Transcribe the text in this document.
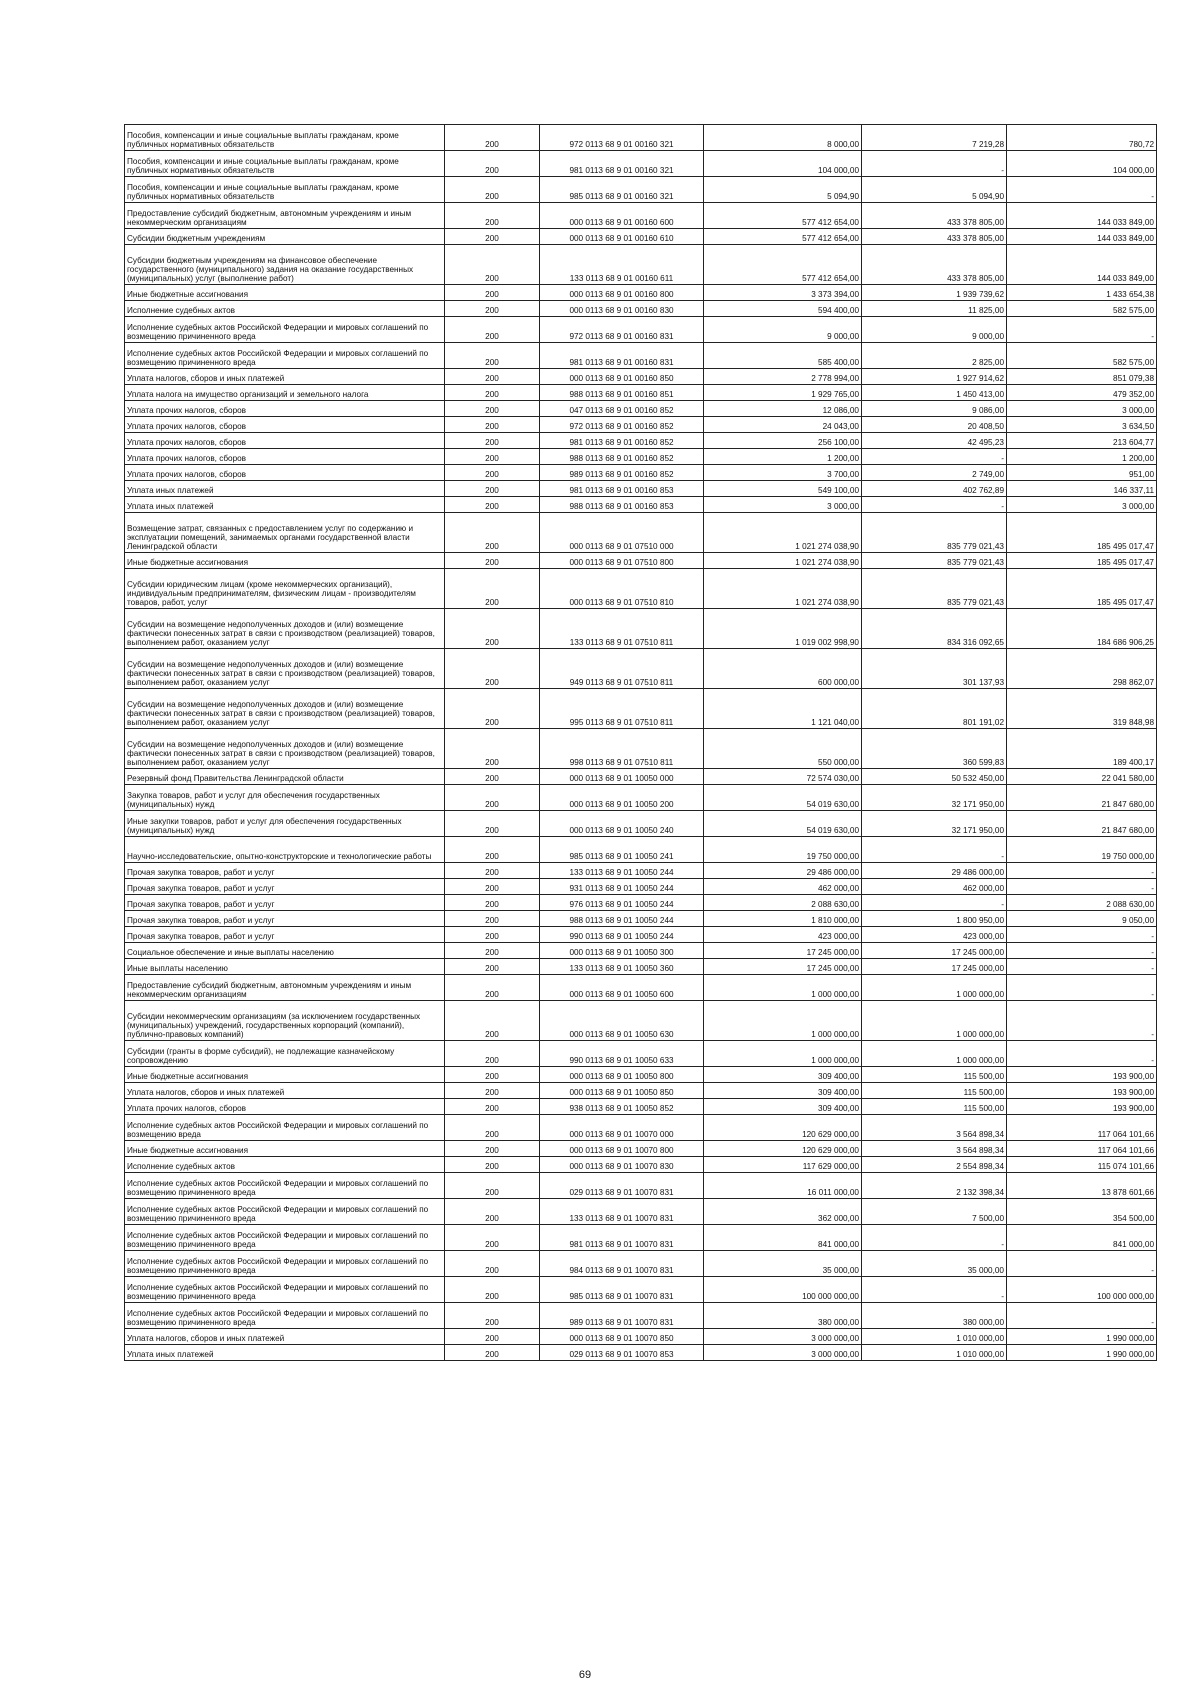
Пособия, компенсации и иные социальные выплаты гражданам, кроме публичных нормативных обязательств	200	972 0113 68 9 01 00160 321	8 000,00	7 219,28	780,72
Пособия, компенсации и иные социальные выплаты гражданам, кроме публичных нормативных обязательств	200	981 0113 68 9 01 00160 321	104 000,00	-	104 000,00
Пособия, компенсации и иные социальные выплаты гражданам, кроме публичных нормативных обязательств	200	985 0113 68 9 01 00160 321	5 094,90	5 094,90	-
Предоставление субсидий бюджетным, автономным учреждениям и иным некоммерческим организациям	200	000 0113 68 9 01 00160 600	577 412 654,00	433 378 805,00	144 033 849,00
Субсидии бюджетным учреждениям	200	000 0113 68 9 01 00160 610	577 412 654,00	433 378 805,00	144 033 849,00
Субсидии бюджетным учреждениям на финансовое обеспечение государственного (муниципального) задания на оказание государственных (муниципальных) услуг (выполнение работ)	200	133 0113 68 9 01 00160 611	577 412 654,00	433 378 805,00	144 033 849,00
Иные бюджетные ассигнования	200	000 0113 68 9 01 00160 800	3 373 394,00	1 939 739,62	1 433 654,38
Исполнение судебных актов	200	000 0113 68 9 01 00160 830	594 400,00	11 825,00	582 575,00
Исполнение судебных актов Российской Федерации и мировых соглашений по возмещению причиненного вреда	200	972 0113 68 9 01 00160 831	9 000,00	9 000,00	-
Исполнение судебных актов Российской Федерации и мировых соглашений по возмещению причиненного вреда	200	981 0113 68 9 01 00160 831	585 400,00	2 825,00	582 575,00
Уплата налогов, сборов и иных платежей	200	000 0113 68 9 01 00160 850	2 778 994,00	1 927 914,62	851 079,38
Уплата налога на имущество организаций и земельного налога	200	988 0113 68 9 01 00160 851	1 929 765,00	1 450 413,00	479 352,00
Уплата прочих налогов, сборов	200	047 0113 68 9 01 00160 852	12 086,00	9 086,00	3 000,00
Уплата прочих налогов, сборов	200	972 0113 68 9 01 00160 852	24 043,00	20 408,50	3 634,50
Уплата прочих налогов, сборов	200	981 0113 68 9 01 00160 852	256 100,00	42 495,23	213 604,77
Уплата прочих налогов, сборов	200	988 0113 68 9 01 00160 852	1 200,00	-	1 200,00
Уплата прочих налогов, сборов	200	989 0113 68 9 01 00160 852	3 700,00	2 749,00	951,00
Уплата иных платежей	200	981 0113 68 9 01 00160 853	549 100,00	402 762,89	146 337,11
Уплата иных платежей	200	988 0113 68 9 01 00160 853	3 000,00	-	3 000,00
Возмещение затрат, связанных с предоставлением услуг по содержанию и эксплуатации помещений, занимаемых органами государственной власти Ленинградской области	200	000 0113 68 9 01 07510 000	1 021 274 038,90	835 779 021,43	185 495 017,47
Иные бюджетные ассигнования	200	000 0113 68 9 01 07510 800	1 021 274 038,90	835 779 021,43	185 495 017,47
Субсидии юридическим лицам (кроме некоммерческих организаций), индивидуальным предпринимателям, физическим лицам - производителям товаров, работ, услуг	200	000 0113 68 9 01 07510 810	1 021 274 038,90	835 779 021,43	185 495 017,47
Субсидии на возмещение недополученных доходов и (или) возмещение фактически понесенных затрат в связи с производством (реализацией) товаров, выполнением работ, оказанием услуг	200	133 0113 68 9 01 07510 811	1 019 002 998,90	834 316 092,65	184 686 906,25
Субсидии на возмещение недополученных доходов и (или) возмещение фактически понесенных затрат в связи с производством (реализацией) товаров, выполнением работ, оказанием услуг	200	949 0113 68 9 01 07510 811	600 000,00	301 137,93	298 862,07
Субсидии на возмещение недополученных доходов и (или) возмещение фактически понесенных затрат в связи с производством (реализацией) товаров, выполнением работ, оказанием услуг	200	995 0113 68 9 01 07510 811	1 121 040,00	801 191,02	319 848,98
Субсидии на возмещение недополученных доходов и (или) возмещение фактически понесенных затрат в связи с производством (реализацией) товаров, выполнением работ, оказанием услуг	200	998 0113 68 9 01 07510 811	550 000,00	360 599,83	189 400,17
Резервный фонд Правительства Ленинградской области	200	000 0113 68 9 01 10050 000	72 574 030,00	50 532 450,00	22 041 580,00
Закупка товаров, работ и услуг для обеспечения государственных (муниципальных) нужд	200	000 0113 68 9 01 10050 200	54 019 630,00	32 171 950,00	21 847 680,00
Иные закупки товаров, работ и услуг для обеспечения государственных (муниципальных) нужд	200	000 0113 68 9 01 10050 240	54 019 630,00	32 171 950,00	21 847 680,00
Научно-исследовательские, опытно-конструкторские и технологические работы	200	985 0113 68 9 01 10050 241	19 750 000,00	-	19 750 000,00
Прочая закупка товаров, работ и услуг	200	133 0113 68 9 01 10050 244	29 486 000,00	29 486 000,00	-
Прочая закупка товаров, работ и услуг	200	931 0113 68 9 01 10050 244	462 000,00	462 000,00	-
Прочая закупка товаров, работ и услуг	200	976 0113 68 9 01 10050 244	2 088 630,00	-	2 088 630,00
Прочая закупка товаров, работ и услуг	200	988 0113 68 9 01 10050 244	1 810 000,00	1 800 950,00	9 050,00
Прочая закупка товаров, работ и услуг	200	990 0113 68 9 01 10050 244	423 000,00	423 000,00	-
Социальное обеспечение и иные выплаты населению	200	000 0113 68 9 01 10050 300	17 245 000,00	17 245 000,00	-
Иные выплаты населению	200	133 0113 68 9 01 10050 360	17 245 000,00	17 245 000,00	-
Предоставление субсидий бюджетным, автономным учреждениям и иным некоммерческим организациям	200	000 0113 68 9 01 10050 600	1 000 000,00	1 000 000,00	-
Субсидии некоммерческим организациям (за исключением государственных (муниципальных) учреждений, государственных корпораций (компаний), публично-правовых компаний)	200	000 0113 68 9 01 10050 630	1 000 000,00	1 000 000,00	-
Субсидии (гранты в форме субсидий), не подлежащие казначейскому сопровождению	200	990 0113 68 9 01 10050 633	1 000 000,00	1 000 000,00	-
Иные бюджетные ассигнования	200	000 0113 68 9 01 10050 800	309 400,00	115 500,00	193 900,00
Уплата налогов, сборов и иных платежей	200	000 0113 68 9 01 10050 850	309 400,00	115 500,00	193 900,00
Уплата прочих налогов, сборов	200	938 0113 68 9 01 10050 852	309 400,00	115 500,00	193 900,00
Исполнение судебных актов Российской Федерации и мировых соглашений по возмещению вреда	200	000 0113 68 9 01 10070 000	120 629 000,00	3 564 898,34	117 064 101,66
Иные бюджетные ассигнования	200	000 0113 68 9 01 10070 800	120 629 000,00	3 564 898,34	117 064 101,66
Исполнение судебных актов	200	000 0113 68 9 01 10070 830	117 629 000,00	2 554 898,34	115 074 101,66
Исполнение судебных актов Российской Федерации и мировых соглашений по возмещению причиненного вреда	200	029 0113 68 9 01 10070 831	16 011 000,00	2 132 398,34	13 878 601,66
Исполнение судебных актов Российской Федерации и мировых соглашений по возмещению причиненного вреда	200	133 0113 68 9 01 10070 831	362 000,00	7 500,00	354 500,00
Исполнение судебных актов Российской Федерации и мировых соглашений по возмещению причиненного вреда	200	981 0113 68 9 01 10070 831	841 000,00	-	841 000,00
Исполнение судебных актов Российской Федерации и мировых соглашений по возмещению причиненного вреда	200	984 0113 68 9 01 10070 831	35 000,00	35 000,00	-
Исполнение судебных актов Российской Федерации и мировых соглашений по возмещению причиненного вреда	200	985 0113 68 9 01 10070 831	100 000 000,00	-	100 000 000,00
Исполнение судебных актов Российской Федерации и мировых соглашений по возмещению причиненного вреда	200	989 0113 68 9 01 10070 831	380 000,00	380 000,00	-
Уплата налогов, сборов и иных платежей	200	000 0113 68 9 01 10070 850	3 000 000,00	1 010 000,00	1 990 000,00
Уплата иных платежей	200	029 0113 68 9 01 10070 853	3 000 000,00	1 010 000,00	1 990 000,00
69
